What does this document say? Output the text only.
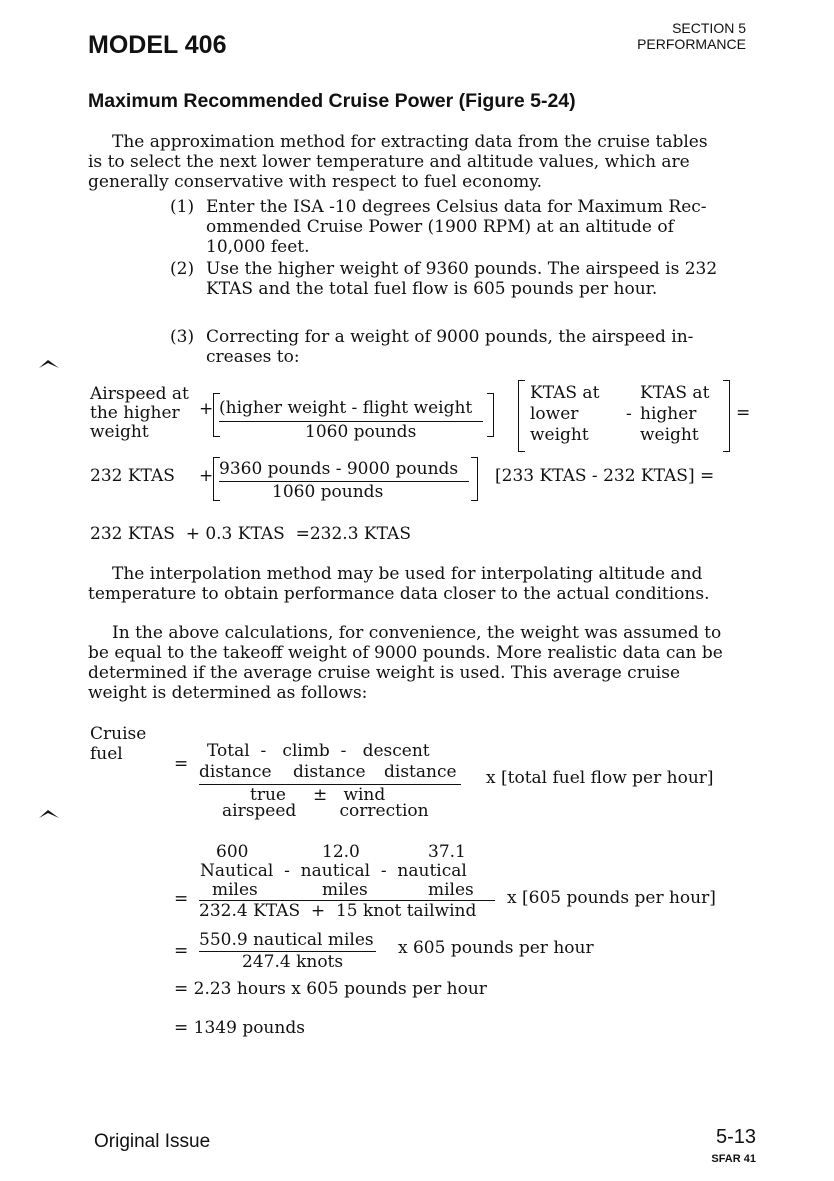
MODEL 406
SECTION 5
PERFORMANCE
Maximum Recommended Cruise Power (Figure 5-24)
The approximation method for extracting data from the cruise tables
is to select the next lower temperature and altitude values, which are
generally conservative with respect to fuel economy.
(1) Enter the ISA -10 degrees Celsius data for Maximum Rec-
ommended Cruise Power (1900 RPM) at an altitude of
10,000 feet.
(2) Use the higher weight of 9360 pounds. The airspeed is 232
KTAS and the total fuel flow is 605 pounds per hour.
(3) Correcting for a weight of 9000 pounds, the airspeed in-
creases to:
Airspeed at
the higher
weight
+ (higher weight - flight weight
1060 pounds
KTAS at KTAS at
lower	- higher
weight	weight
=
232 KTAS + 9360 pounds - 9000 pounds
1060 pounds
[233 KTAS - 232 KTAS] =
232 KTAS  + 0.3 KTAS  =232.3 KTAS
The interpolation method may be used for interpolating altitude and
temperature to obtain performance data closer to the actual conditions.
In the above calculations, for convenience, the weight was assumed to
be equal to the takeoff weight of 9000 pounds. More realistic data can be
determined if the average cruise weight is used. This average cruise
weight is determined as follows:
Cruise
fuel	=
Total  -   climb  -   descent
distance distance distance
true     ±   wind
airspeed        correction
x [total fuel flow per hour]
600	12.0	37.1
Nautical  -  nautical  -  nautical
= miles	miles	miles
232.4 KTAS  +  15 knot tailwind
x [605 pounds per hour]
=
550.9 nautical miles
247.4 knots
x 605 pounds per hour
= 2.23 hours x 605 pounds per hour
= 1349 pounds
Original Issue	5-13
SFAR 41
